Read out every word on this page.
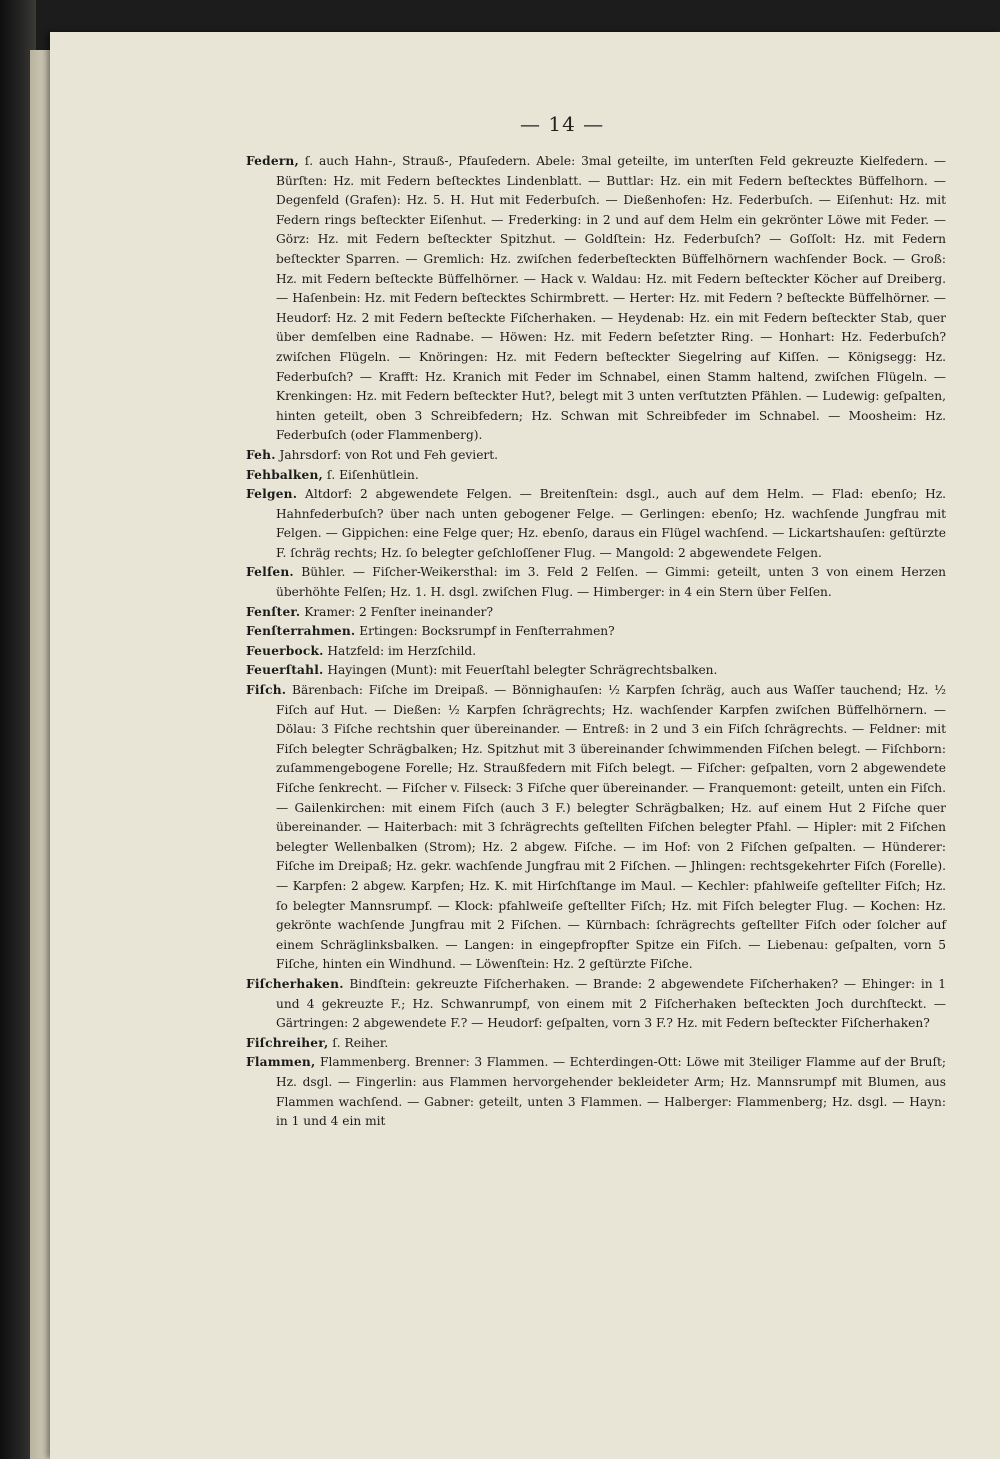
— 14 —

Federn, ſ. auch Hahn-, Strauß-, Pfauſedern. Abele: 3mal geteilte, im unterſten Feld gekreuzte Kielfedern. — Bürſten: Hz. mit Federn beſtecktes Lindenblatt. — Buttlar: Hz. ein mit Federn beſtecktes Büffelhorn. — Degenfeld (Grafen): Hz. 5. H. Hut mit Federbuſch. — Dießenhofen: Hz. Federbuſch. — Eiſenhut: Hz. mit Federn rings beſteckter Eiſenhut. — Frederking: in 2 und auf dem Helm ein gekrönter Löwe mit Feder. — Görz: Hz. mit Federn beſteckter Spitzhut. — Goldſtein: Hz. Federbuſch? — Goſſolt: Hz. mit Federn beſteckter Sparren. — Gremlich: Hz. zwiſchen federbeſteckten Büffelhörnern wachſender Bock. — Groß: Hz. mit Federn beſteckte Büffelhörner. — Hack v. Waldau: Hz. mit Federn beſteckter Köcher auf Dreiberg. — Haſenbein: Hz. mit Federn beſtecktes Schirmbrett. — Herter: Hz. mit Federn ? beſteckte Büffelhörner. — Heudorf: Hz. 2 mit Federn beſteckte Fiſcherhaken. — Heydenab: Hz. ein mit Federn beſteckter Stab, quer über demſelben eine Radnabe. — Höwen: Hz. mit Federn beſetzter Ring. — Honhart: Hz. Federbuſch? zwiſchen Flügeln. — Knöringen: Hz. mit Federn beſteckter Siegelring auf Kiſſen. — Königsegg: Hz. Federbuſch? — Krafft: Hz. Kranich mit Feder im Schnabel, einen Stamm haltend, zwiſchen Flügeln. — Krenkingen: Hz. mit Federn beſteckter Hut?, belegt mit 3 unten verſtutzten Pfählen. — Ludewig: geſpalten, hinten geteilt, oben 3 Schreibfedern; Hz. Schwan mit Schreibfeder im Schnabel. — Moosheim: Hz. Federbuſch (oder Flammenberg).

Feh. Jahrsdorf: von Rot und Feh geviert.

Fehbalken, ſ. Eiſenhütlein.

Felgen. Altdorf: 2 abgewendete Felgen. — Breitenſtein: dsgl., auch auf dem Helm. — Flad: ebenſo; Hz. Hahnfederbuſch? über nach unten gebogener Felge. — Gerlingen: ebenſo; Hz. wachſende Jungfrau mit Felgen. — Gippichen: eine Felge quer; Hz. ebenſo, daraus ein Flügel wachſend. — Lickartshauſen: geſtürzte F. ſchräg rechts; Hz. ſo belegter geſchloſſener Flug. — Mangold: 2 abgewendete Felgen.

Felſen. Bühler. — Fiſcher-Weikersthal: im 3. Feld 2 Felſen. — Gimmi: geteilt, unten 3 von einem Herzen überhöhte Felſen; Hz. 1. H. dsgl. zwiſchen Flug. — Himberger: in 4 ein Stern über Felſen.

Fenſter. Kramer: 2 Fenſter ineinander?

Fenſterrahmen. Ertingen: Bocksrumpf in Fenſterrahmen?

Feuerbock. Hatzfeld: im Herzſchild.

Feuerſtahl. Hayingen (Munt): mit Feuerſtahl belegter Schrägrechtsbalken.

Fiſch. Bärenbach: Fiſche im Dreipaß. — Bönnighauſen: ½ Karpfen ſchräg, auch aus Waſſer tauchend; Hz. ½ Fiſch auf Hut. — Dießen: ½ Karpfen ſchrägrechts; Hz. wachſender Karpfen zwiſchen Büffelhörnern. — Dölau: 3 Fiſche rechtshin quer übereinander. — Entreß: in 2 und 3 ein Fiſch ſchrägrechts. — Feldner: mit Fiſch belegter Schrägbalken; Hz. Spitzhut mit 3 übereinander ſchwimmenden Fiſchen belegt. — Fiſchborn: zuſammengebogene Forelle; Hz. Straußfedern mit Fiſch belegt. — Fiſcher: geſpalten, vorn 2 abgewendete Fiſche ſenkrecht. — Fiſcher v. Filseck: 3 Fiſche quer übereinander. — Franquemont: geteilt, unten ein Fiſch. — Gailenkirchen: mit einem Fiſch (auch 3 F.) belegter Schrägbalken; Hz. auf einem Hut 2 Fiſche quer übereinander. — Haiterbach: mit 3 ſchrägrechts geſtellten Fiſchen belegter Pfahl. — Hipler: mit 2 Fiſchen belegter Wellenbalken (Strom); Hz. 2 abgew. Fiſche. — im Hof: von 2 Fiſchen geſpalten. — Hünderer: Fiſche im Dreipaß; Hz. gekr. wachſende Jungfrau mit 2 Fiſchen. — Jhlingen: rechtsgekehrter Fiſch (Forelle). — Karpfen: 2 abgew. Karpfen; Hz. K. mit Hirſchſtange im Maul. — Kechler: pfahlweiſe geſtellter Fiſch; Hz. ſo belegter Mannsrumpf. — Klock: pfahlweiſe geſtellter Fiſch; Hz. mit Fiſch belegter Flug. — Kochen: Hz. gekrönte wachſende Jungfrau mit 2 Fiſchen. — Kürnbach: ſchrägrechts geſtellter Fiſch oder ſolcher auf einem Schräglinksbalken. — Langen: in eingepfropfter Spitze ein Fiſch. — Liebenau: geſpalten, vorn 5 Fiſche, hinten ein Windhund. — Löwenſtein: Hz. 2 geſtürzte Fiſche.

Fiſcherhaken. Bindſtein: gekreuzte Fiſcherhaken. — Brande: 2 abgewendete Fiſcherhaken? — Ehinger: in 1 und 4 gekreuzte F.; Hz. Schwanrumpf, von einem mit 2 Fiſcherhaken beſteckten Joch durchſteckt. — Gärtringen: 2 abgewendete F.? — Heudorf: geſpalten, vorn 3 F.? Hz. mit Federn beſteckter Fiſcherhaken?

Fiſchreiher, ſ. Reiher.

Flammen, Flammenberg. Brenner: 3 Flammen. — Echterdingen-Ott: Löwe mit 3teiliger Flamme auf der Bruſt; Hz. dsgl. — Fingerlin: aus Flammen hervorgehender bekleideter Arm; Hz. Mannsrumpf mit Blumen, aus Flammen wachſend. — Gabner: geteilt, unten 3 Flammen. — Halberger: Flammenberg; Hz. dsgl. — Hayn: in 1 und 4 ein mit
